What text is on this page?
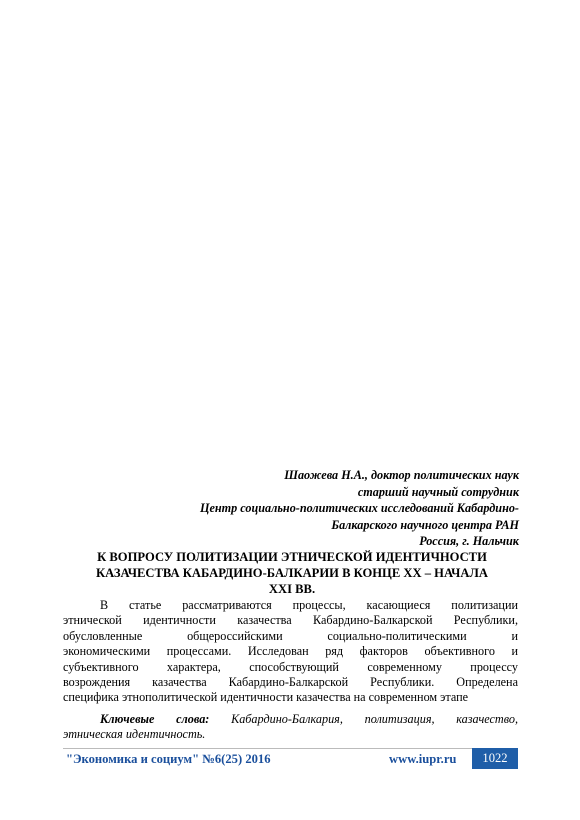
Шаожева Н.А., доктор политических наук
старший научный сотрудник
Центр социально-политических исследований Кабардино-
Балкарского научного центра РАН
Россия, г. Нальчик
К ВОПРОСУ ПОЛИТИЗАЦИИ ЭТНИЧЕСКОЙ ИДЕНТИЧНОСТИ
КАЗАЧЕСТВА КАБАРДИНО-БАЛКАРИИ В КОНЦЕ ХХ – НАЧАЛА
XXI ВВ.
В статье рассматриваются процессы, касающиеся политизации
этнической идентичности казачества Кабардино-Балкарской Республики,
обусловленные общероссийскими социально-политическими и
экономическими процессами. Исследован ряд факторов объективного и
субъективного характера, способствующий современному процессу
возрождения казачества Кабардино-Балкарской Республики. Определена
специфика этнополитической идентичности казачества на современном этапе
Ключевые слова: Кабардино-Балкария, политизация, казачество,
этническая идентичность.
"Экономика и социум" №6(25) 2016	www.iupr.ru	1022
